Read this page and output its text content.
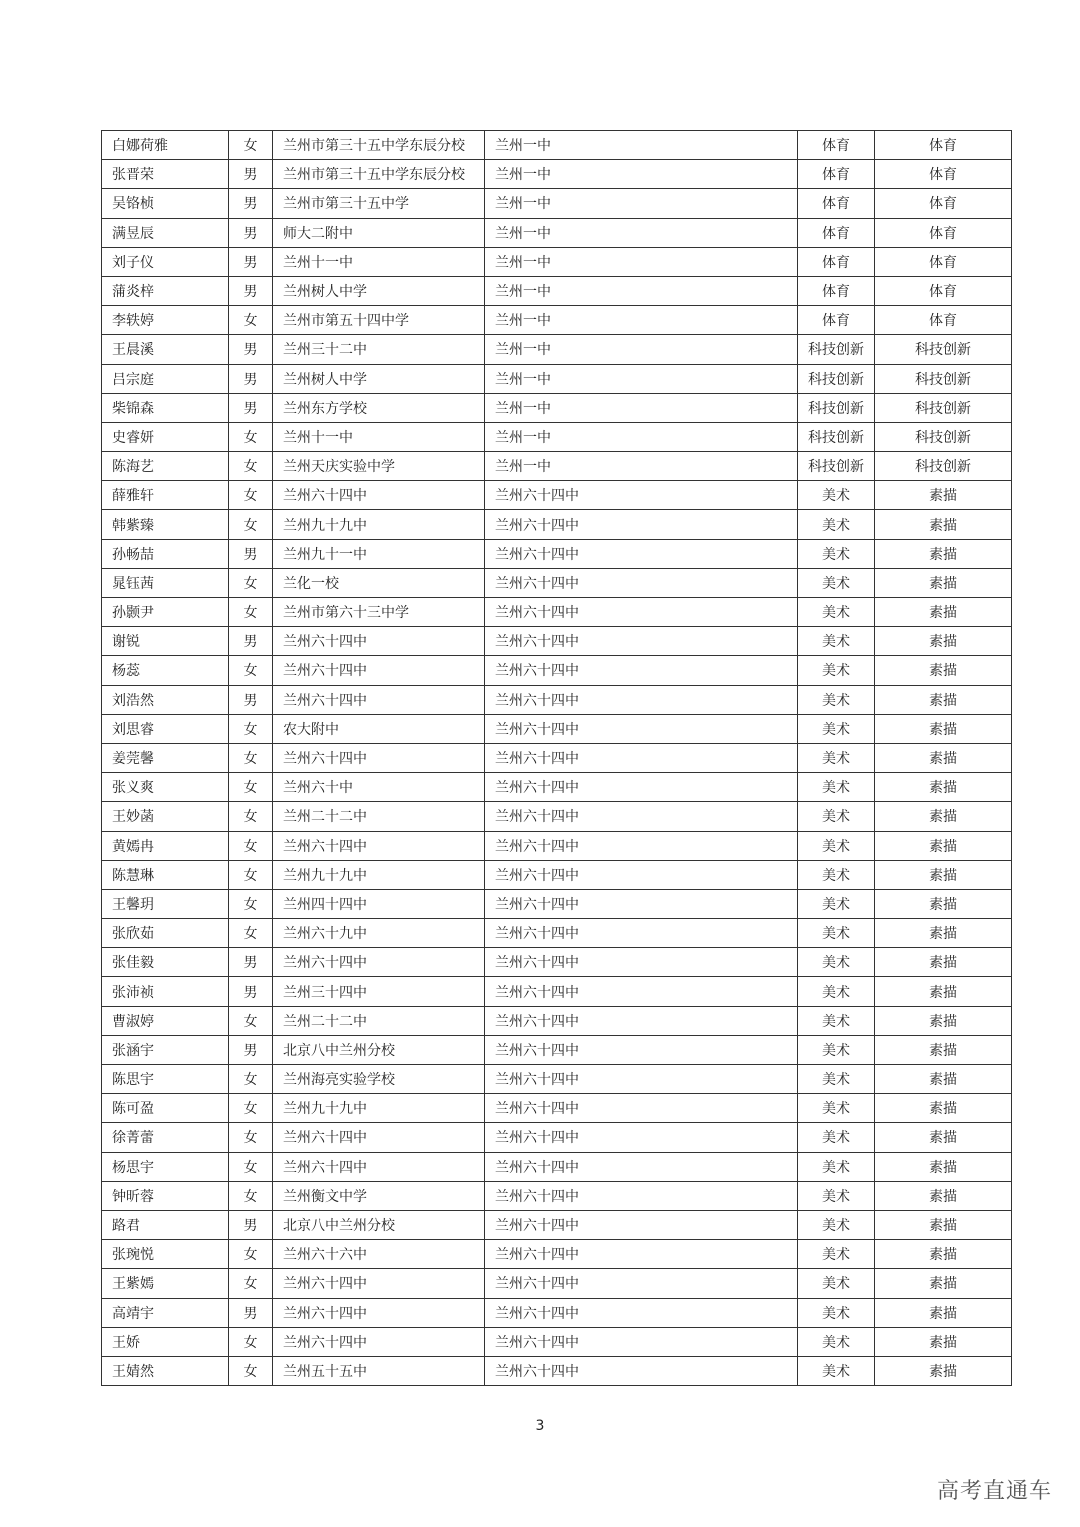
白娜荷雅	女	兰州市第三十五中学东辰分校	兰州一中	体育	体育
张晋荣	男	兰州市第三十五中学东辰分校	兰州一中	体育	体育
吴铬桢	男	兰州市第三十五中学	兰州一中	体育	体育
满昱辰	男	师大二附中	兰州一中	体育	体育
刘子仪	男	兰州十一中	兰州一中	体育	体育
蒲炎梓	男	兰州树人中学	兰州一中	体育	体育
李轶婷	女	兰州市第五十四中学	兰州一中	体育	体育
王晨溪	男	兰州三十二中	兰州一中	科技创新	科技创新
吕宗庭	男	兰州树人中学	兰州一中	科技创新	科技创新
柴锦森	男	兰州东方学校	兰州一中	科技创新	科技创新
史睿妍	女	兰州十一中	兰州一中	科技创新	科技创新
陈海艺	女	兰州天庆实验中学	兰州一中	科技创新	科技创新
薛雅轩	女	兰州六十四中	兰州六十四中	美术	素描
韩紫臻	女	兰州九十九中	兰州六十四中	美术	素描
孙畅喆	男	兰州九十一中	兰州六十四中	美术	素描
晁钰茜	女	兰化一校	兰州六十四中	美术	素描
孙颢尹	女	兰州市第六十三中学	兰州六十四中	美术	素描
谢锐	男	兰州六十四中	兰州六十四中	美术	素描
杨蕊	女	兰州六十四中	兰州六十四中	美术	素描
刘浩然	男	兰州六十四中	兰州六十四中	美术	素描
刘思睿	女	农大附中	兰州六十四中	美术	素描
姜莞馨	女	兰州六十四中	兰州六十四中	美术	素描
张义爽	女	兰州六十中	兰州六十四中	美术	素描
王妙菡	女	兰州二十二中	兰州六十四中	美术	素描
黄嫣冉	女	兰州六十四中	兰州六十四中	美术	素描
陈慧琳	女	兰州九十九中	兰州六十四中	美术	素描
王馨玥	女	兰州四十四中	兰州六十四中	美术	素描
张欣茹	女	兰州六十九中	兰州六十四中	美术	素描
张佳毅	男	兰州六十四中	兰州六十四中	美术	素描
张沛祯	男	兰州三十四中	兰州六十四中	美术	素描
曹淑婷	女	兰州二十二中	兰州六十四中	美术	素描
张涵宇	男	北京八中兰州分校	兰州六十四中	美术	素描
陈思宇	女	兰州海亮实验学校	兰州六十四中	美术	素描
陈可盈	女	兰州九十九中	兰州六十四中	美术	素描
徐菁蕾	女	兰州六十四中	兰州六十四中	美术	素描
杨思宇	女	兰州六十四中	兰州六十四中	美术	素描
钟昕蓉	女	兰州衡文中学	兰州六十四中	美术	素描
路君	男	北京八中兰州分校	兰州六十四中	美术	素描
张琬悦	女	兰州六十六中	兰州六十四中	美术	素描
王紫嫣	女	兰州六十四中	兰州六十四中	美术	素描
高靖宇	男	兰州六十四中	兰州六十四中	美术	素描
王娇	女	兰州六十四中	兰州六十四中	美术	素描
王婧然	女	兰州五十五中	兰州六十四中	美术	素描
3
高考直通车
